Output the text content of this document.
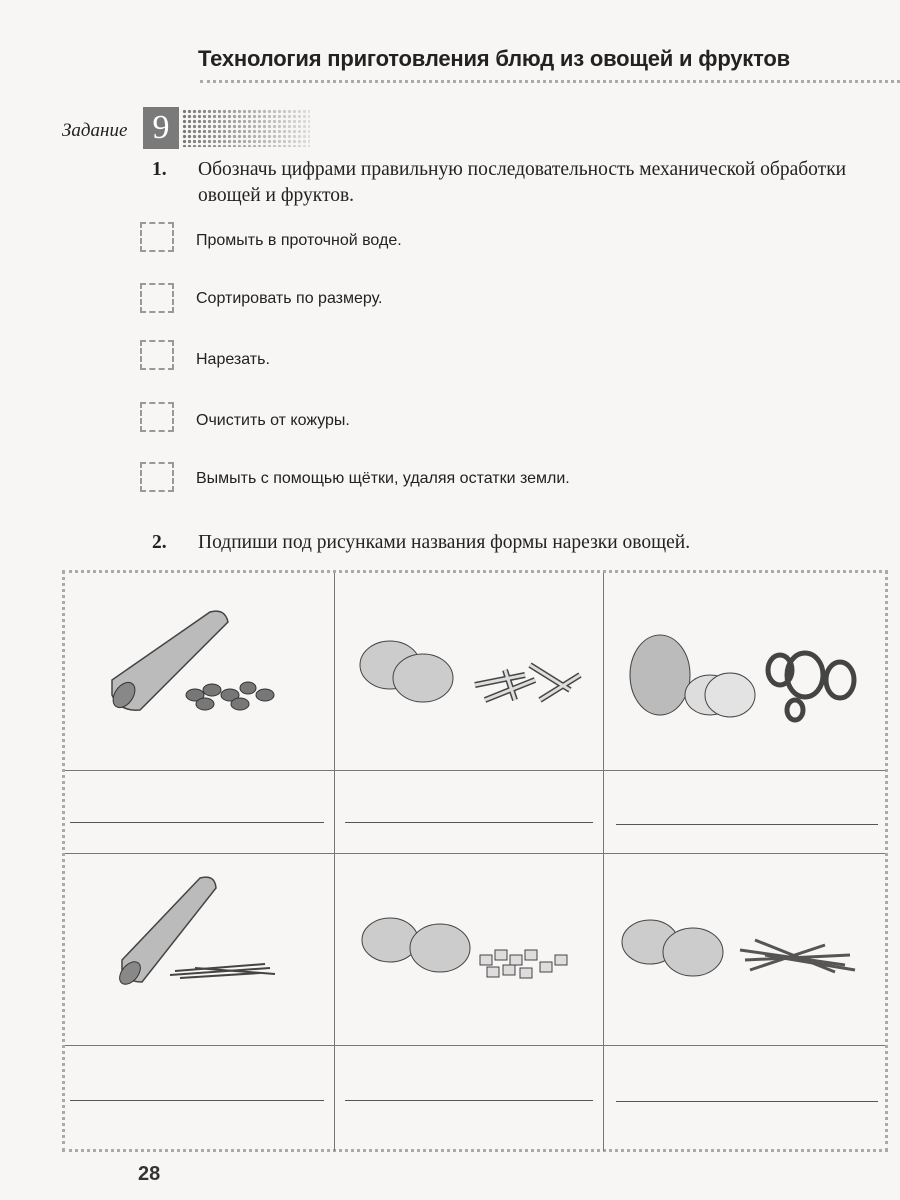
Технология приготовления блюд из овощей и фруктов
Задание 9
1. Обозначь цифрами правильную последовательность механической обработки овощей и фруктов.
Промыть в проточной воде.
Сортировать по размеру.
Нарезать.
Очистить от кожуры.
Вымыть с помощью щётки, удаляя остатки земли.
2. Подпиши под рисунками названия формы нарезки овощей.
28
